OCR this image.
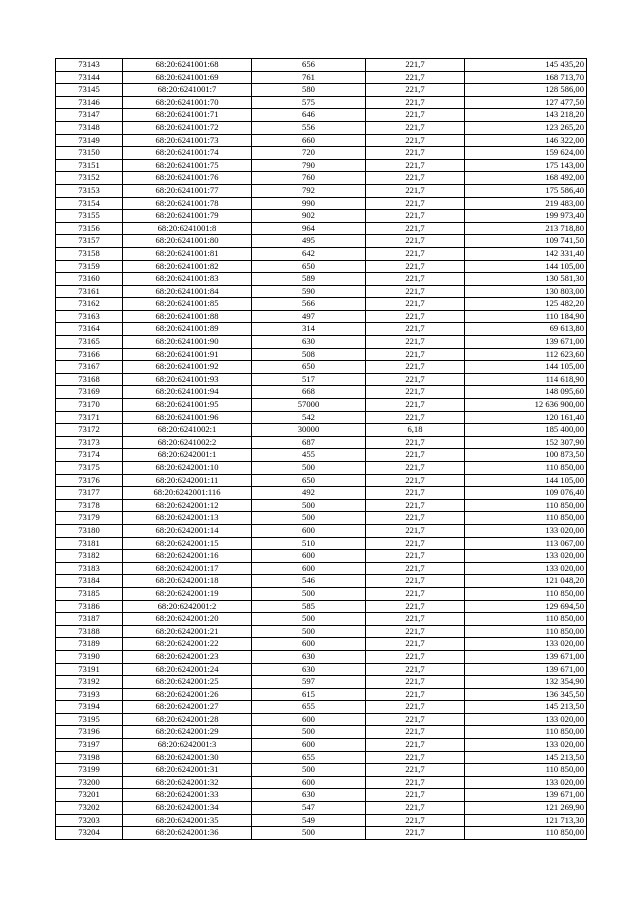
73143	68:20:6241001:68	656	221,7	145 435,20
73144	68:20:6241001:69	761	221,7	168 713,70
73145	68:20:6241001:7	580	221,7	128 586,00
73146	68:20:6241001:70	575	221,7	127 477,50
73147	68:20:6241001:71	646	221,7	143 218,20
73148	68:20:6241001:72	556	221,7	123 265,20
73149	68:20:6241001:73	660	221,7	146 322,00
73150	68:20:6241001:74	720	221,7	159 624,00
73151	68:20:6241001:75	790	221,7	175 143,00
73152	68:20:6241001:76	760	221,7	168 492,00
73153	68:20:6241001:77	792	221,7	175 586,40
73154	68:20:6241001:78	990	221,7	219 483,00
73155	68:20:6241001:79	902	221,7	199 973,40
73156	68:20:6241001:8	964	221,7	213 718,80
73157	68:20:6241001:80	495	221,7	109 741,50
73158	68:20:6241001:81	642	221,7	142 331,40
73159	68:20:6241001:82	650	221,7	144 105,00
73160	68:20:6241001:83	589	221,7	130 581,30
73161	68:20:6241001:84	590	221,7	130 803,00
73162	68:20:6241001:85	566	221,7	125 482,20
73163	68:20:6241001:88	497	221,7	110 184,90
73164	68:20:6241001:89	314	221,7	69 613,80
73165	68:20:6241001:90	630	221,7	139 671,00
73166	68:20:6241001:91	508	221,7	112 623,60
73167	68:20:6241001:92	650	221,7	144 105,00
73168	68:20:6241001:93	517	221,7	114 618,90
73169	68:20:6241001:94	668	221,7	148 095,60
73170	68:20:6241001:95	57000	221,7	12 636 900,00
73171	68:20:6241001:96	542	221,7	120 161,40
73172	68:20:6241002:1	30000	6,18	185 400,00
73173	68:20:6241002:2	687	221,7	152 307,90
73174	68:20:6242001:1	455	221,7	100 873,50
73175	68:20:6242001:10	500	221,7	110 850,00
73176	68:20:6242001:11	650	221,7	144 105,00
73177	68:20:6242001:116	492	221,7	109 076,40
73178	68:20:6242001:12	500	221,7	110 850,00
73179	68:20:6242001:13	500	221,7	110 850,00
73180	68:20:6242001:14	600	221,7	133 020,00
73181	68:20:6242001:15	510	221,7	113 067,00
73182	68:20:6242001:16	600	221,7	133 020,00
73183	68:20:6242001:17	600	221,7	133 020,00
73184	68:20:6242001:18	546	221,7	121 048,20
73185	68:20:6242001:19	500	221,7	110 850,00
73186	68:20:6242001:2	585	221,7	129 694,50
73187	68:20:6242001:20	500	221,7	110 850,00
73188	68:20:6242001:21	500	221,7	110 850,00
73189	68:20:6242001:22	600	221,7	133 020,00
73190	68:20:6242001:23	630	221,7	139 671,00
73191	68:20:6242001:24	630	221,7	139 671,00
73192	68:20:6242001:25	597	221,7	132 354,90
73193	68:20:6242001:26	615	221,7	136 345,50
73194	68:20:6242001:27	655	221,7	145 213,50
73195	68:20:6242001:28	600	221,7	133 020,00
73196	68:20:6242001:29	500	221,7	110 850,00
73197	68:20:6242001:3	600	221,7	133 020,00
73198	68:20:6242001:30	655	221,7	145 213,50
73199	68:20:6242001:31	500	221,7	110 850,00
73200	68:20:6242001:32	600	221,7	133 020,00
73201	68:20:6242001:33	630	221,7	139 671,00
73202	68:20:6242001:34	547	221,7	121 269,90
73203	68:20:6242001:35	549	221,7	121 713,30
73204	68:20:6242001:36	500	221,7	110 850,00
